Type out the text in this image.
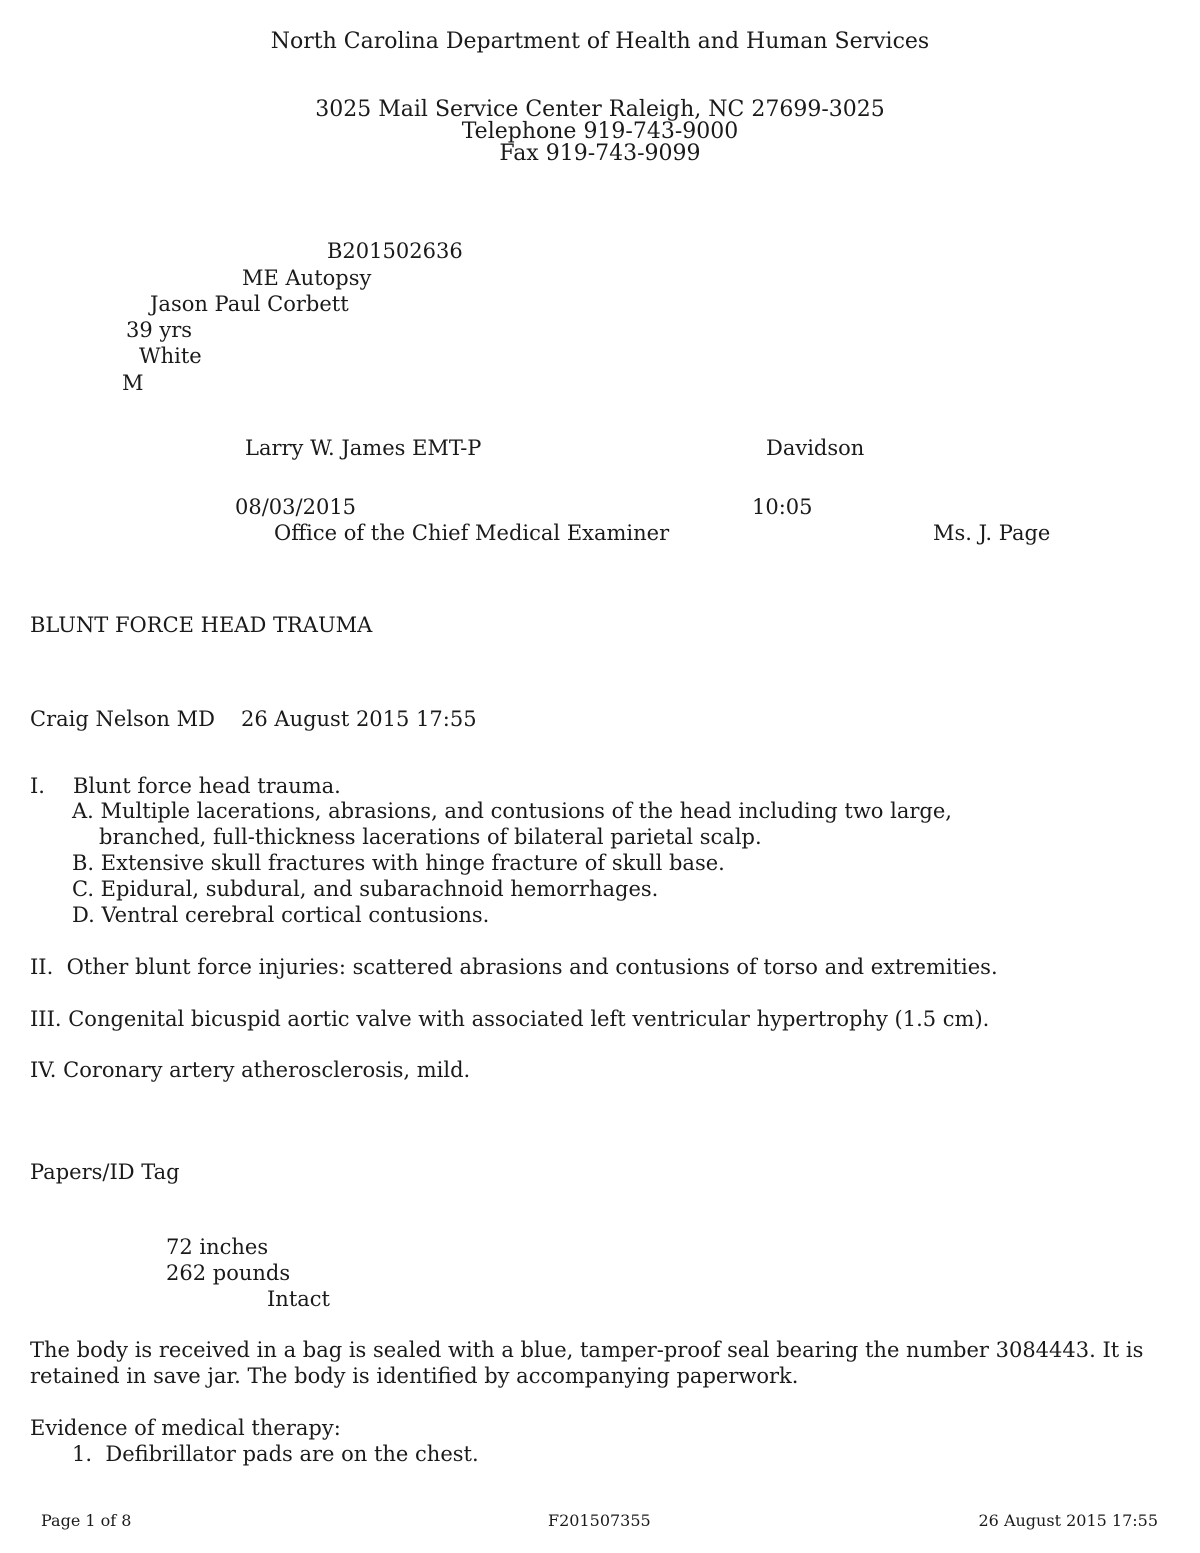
North Carolina Department of Health and Human Services
3025 Mail Service Center Raleigh, NC 27699-3025
Telephone 919-743-9000
Fax 919-743-9099
B201502636
ME Autopsy
Jason Paul Corbett
39 yrs
White
M
Larry W. James EMT-P	Davidson
08/03/2015	10:05
Office of the Chief Medical Examiner	Ms. J. Page
BLUNT FORCE HEAD TRAUMA
Craig Nelson MD 26 August 2015 17:55
I. Blunt force head trauma.
A. Multiple lacerations, abrasions, and contusions of the head including two large,
branched, full-thickness lacerations of bilateral parietal scalp.
B. Extensive skull fractures with hinge fracture of skull base.
C. Epidural, subdural, and subarachnoid hemorrhages.
D. Ventral cerebral cortical contusions.
II.  Other blunt force injuries: scattered abrasions and contusions of torso and extremities.
III. Congenital bicuspid aortic valve with associated left ventricular hypertrophy (1.5 cm).
IV. Coronary artery atherosclerosis, mild.
Papers/ID Tag
72 inches
262 pounds
Intact
The body is received in a bag is sealed with a blue, tamper-proof seal bearing the number 3084443. It is retained in save jar. The body is identified by accompanying paperwork.
Evidence of medical therapy:
1.  Defibrillator pads are on the chest.
Page 1 of 8	F201507355	26 August 2015 17:55
